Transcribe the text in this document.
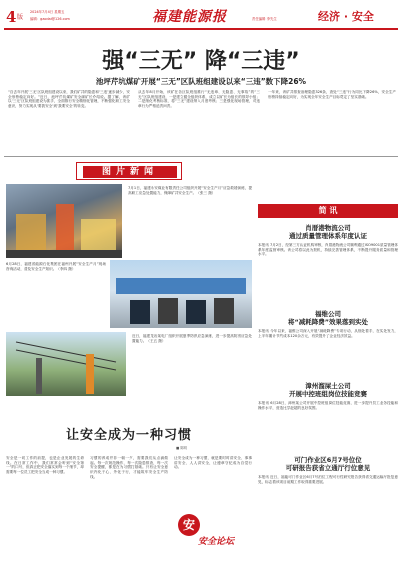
4 版
2024年7月4日 星期五
编辑：gaodai@126.com	福建能源报	责任编辑 李先生	经济 · 安全
强“三无” 降“三违”
池坪芹坑煤矿开展“三无”区队班组建设以来“三违”数下降26%

“自去年开展‘三无’区队班组建设以来，我们矿井的隐患和‘三违’逐步减少，安全形势稳定向好。”近日，池坪芹坑煤矿安全副矿长介绍说。据了解，该矿以‘三无’区队班组建设为抓手，全面推行安全精细化管理，不断强化职工安全意识，努力实现从‘要我安全’到‘我要安全’的转变。

从去年8月开始，该矿在各区队班组推行“无违章、无隐患、无事故”的“三无”区队班组建设，一是建立健全组织体系，成立以矿长为组长的领导小组；二是细化考核标准，将“三无”建设纳入月度考核；三是强化现场管理，对违章行为严格追责问责。

一年来，该矿共排查治理隐患326条，查处“三违”行为同比下降26%，安全生产形势持续稳定向好，为实现全年安全生产目标奠定了坚实基础。

图片新闻

7月1日，福建永安煤业有限责任公司组织开展“安全生产月”应急救援演练，提高职工应急处置能力，保障矿井安全生产。（张三 摄）

6月28日，福建省能源石化集团在福州开展“安全生产月”现场咨询活动，普及安全生产知识。（李四 摄）

近日，福建龙岩某电厂组织开展夏季防汛应急演练，进一步提高防汛应急处置能力。（王五 摄）

简 讯
肖厝港物流公司
通过质量管理体系年度认证

本报讯 7月2日，经第三方认证机构审核，肖厝港物流公司顺利通过ISO9001质量管理体系年度监督审核。该公司将以此为契机，持续完善管理体系，不断提升服务质量和管理水平。

福维公司
将“减耗降费”效果落到实处

本报讯 今年以来，福维公司深入开展“减耗降费”专项行动，从细处着手，在实处发力，上半年累计节约成本120余万元，有效提升了企业经济效益。

漳州溜屎土公司
开展中控班组岗位技能竞赛

本报讯 6月28日，漳州某公司开展中控班组岗位技能竞赛，进一步提升员工业务技能和操作水平，营造比学赶超的良好氛围。

可门作业区6月7号位位
可研报告获省立通厅行位意见

本报讯 近日，福能可门作业区6月7号泊位工程可行性研究报告获得省交通运输厅批复意见，标志着该项目前期工作取得重要进展。

让安全成为一种习惯
■ 陈明

安全是一切工作的前提，也是企业发展的生命线。在日常工作中，我们常常会听到“安全第一”的口号，但真正把安全落实到每一个细节，却需要每一位员工把安全当成一种习惯。

习惯的养成并非一朝一夕，需要我们从点滴做起。每一次规范操作，每一次隐患排查，每一次安全提醒，都是在为习惯打基础。只有让安全意识内化于心、外化于行，才能筑牢安全生产防线。

让安全成为一种习惯，就是要时时讲安全、事事讲安全、人人讲安全，让遵章守纪成为自觉行动。

安
安全论坛
